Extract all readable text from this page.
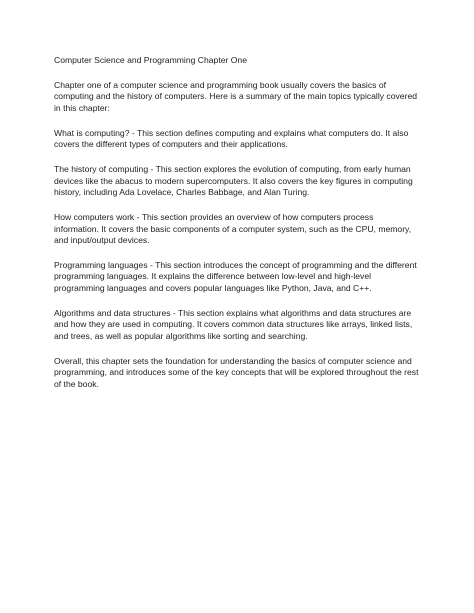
Computer Science and Programming Chapter One

Chapter one of a computer science and programming book usually covers the basics of computing and the history of computers. Here is a summary of the main topics typically covered in this chapter:

What is computing? - This section defines computing and explains what computers do. It also covers the different types of computers and their applications.

The history of computing - This section explores the evolution of computing, from early human devices like the abacus to modern supercomputers. It also covers the key figures in computing history, including Ada Lovelace, Charles Babbage, and Alan Turing.

How computers work - This section provides an overview of how computers process information. It covers the basic components of a computer system, such as the CPU, memory, and input/output devices.

Programming languages - This section introduces the concept of programming and the different programming languages. It explains the difference between low-level and high-level programming languages and covers popular languages like Python, Java, and C++.

Algorithms and data structures - This section explains what algorithms and data structures are and how they are used in computing. It covers common data structures like arrays, linked lists, and trees, as well as popular algorithms like sorting and searching.

Overall, this chapter sets the foundation for understanding the basics of computer science and programming, and introduces some of the key concepts that will be explored throughout the rest of the book.
